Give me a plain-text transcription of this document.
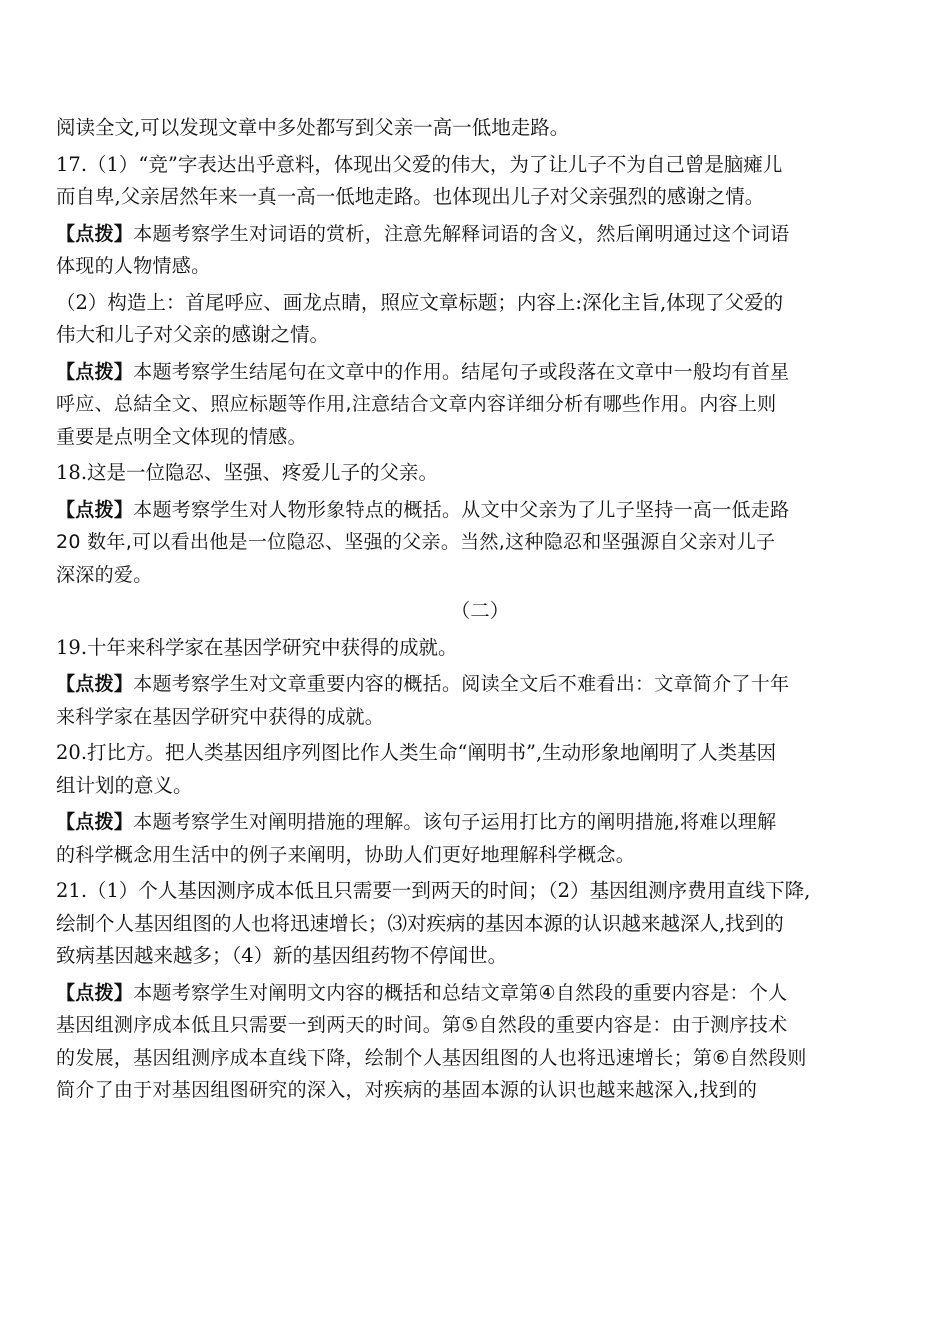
阅读全文,可以发现文章中多处都写到父亲一高一低地走路。
17.（1）“竞”字表达出乎意料，体现出父爱的伟大，为了让儿子不为自己曾是脑瘫儿
而自卑,父亲居然年来一真一高一低地走路。也体现出儿子对父亲强烈的感谢之情。
【点拨】本题考察学生对词语的赏析，注意先解释词语的含义，然后阐明通过这个词语
体现的人物情感。
（2）构造上：首尾呼应、画龙点睛，照应文章标题；内容上:深化主旨,体现了父爱的
伟大和儿子对父亲的感谢之情。
【点拨】本题考察学生结尾句在文章中的作用。结尾句子或段落在文章中一般均有首星
呼应、总結全文、照应标题等作用,注意结合文章内容详细分析有哪些作用。内容上则
重要是点明全文体现的情感。
18.这是一位隐忍、坚强、疼爱儿子的父亲。
【点拨】本题考察学生对人物形象特点的概括。从文中父亲为了儿子坚持一高一低走路
20 数年,可以看出他是一位隐忍、坚强的父亲。当然,这种隐忍和坚强源自父亲对儿子
深深的爱。
（二）
19.十年来科学家在基因学研究中获得的成就。
【点拨】本题考察学生对文章重要内容的概括。阅读全文后不难看出：文章简介了十年
来科学家在基因学研究中获得的成就。
20.打比方。把人类基因组序列图比作人类生命“阐明书”,生动形象地阐明了人类基因
组计划的意义。
【点拨】本题考察学生对阐明措施的理解。该句子运用打比方的阐明措施,将难以理解
的科学概念用生活中的例子来阐明，协助人们更好地理解科学概念。
21.（1）个人基因测序成本低且只需要一到两天的时间；（2）基因组测序费用直线下降,
绘制个人基因组图的人也将迅速增长；⑶对疾病的基因本源的认识越来越深人,找到的
致病基因越来越多；（4）新的基因组药物不停闻世。
【点拨】本题考察学生对阐明文内容的概括和总结文章第④自然段的重要内容是：个人
基因组测序成本低且只需要一到两天的时间。第⑤自然段的重要内容是：由于测序技术
的发展，基因组测序成本直线下降，绘制个人基因组图的人也将迅速增长；第⑥自然段则
简介了由于对基因组图研究的深入，对疾病的基固本源的认识也越来越深入,找到的
